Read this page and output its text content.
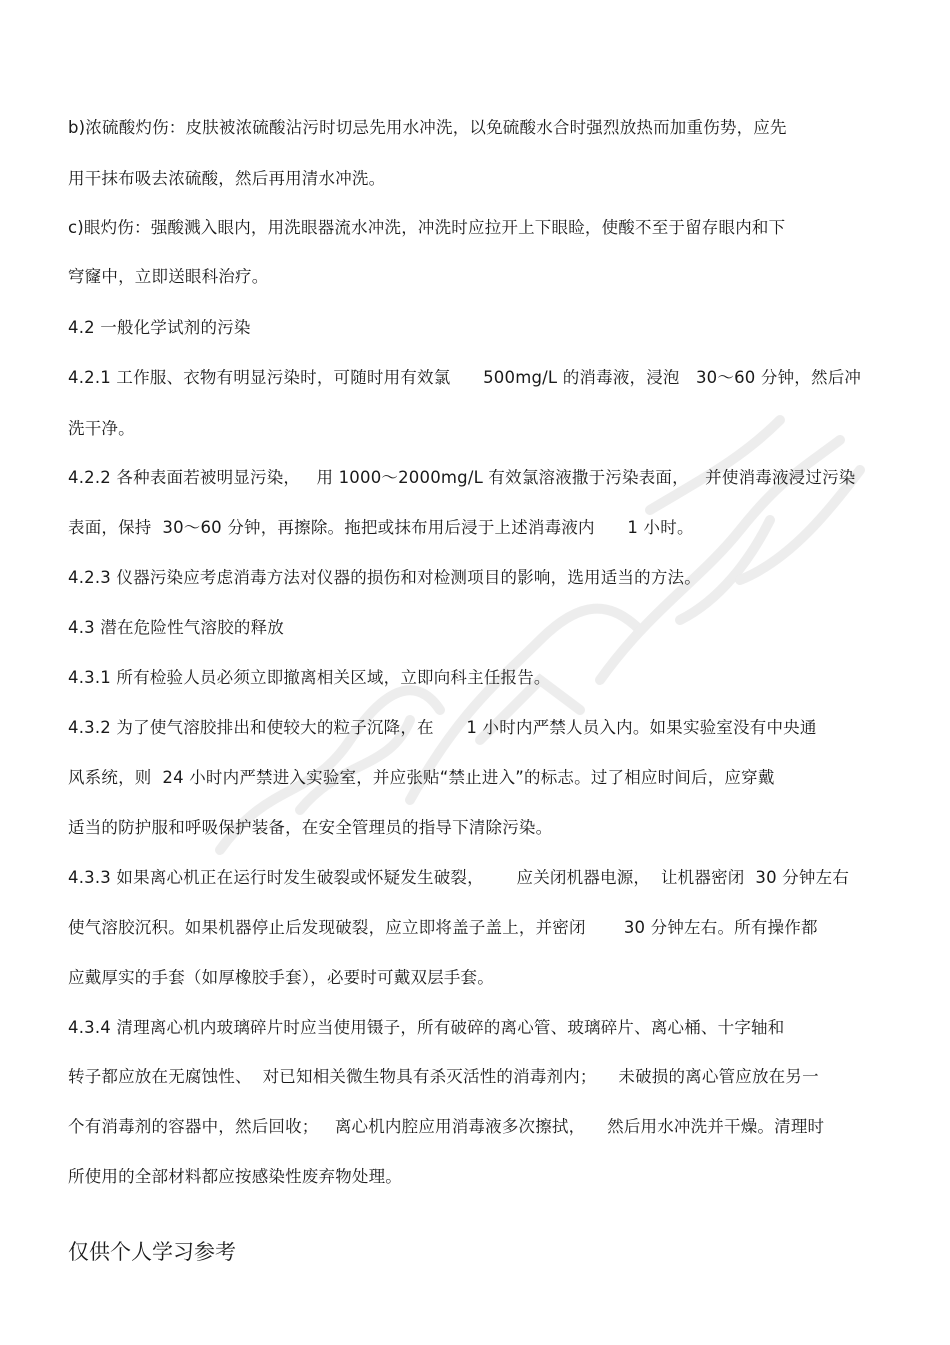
b)浓硫酸灼伤：皮肤被浓硫酸沾污时切忌先用水冲洗，以免硫酸水合时强烈放热而加重伤势，应先
用干抹布吸去浓硫酸，然后再用清水冲洗。
c)眼灼伤：强酸溅入眼内，用洗眼器流水冲洗，冲洗时应拉开上下眼睑，使酸不至于留存眼内和下
穹窿中，立即送眼科治疗。
4.2 一般化学试剂的污染
4.2.1 工作服、衣物有明显污染时，可随时用有效氯      500mg/L 的消毒液，浸泡   30～60 分钟，然后冲
洗干净。
4.2.2 各种表面若被明显污染，   用 1000～2000mg/L 有效氯溶液撒于污染表面，   并使消毒液浸过污染
表面，保持  30～60 分钟，再擦除。拖把或抹布用后浸于上述消毒液内      1 小时。
4.2.3 仪器污染应考虑消毒方法对仪器的损伤和对检测项目的影响，选用适当的方法。
4.3 潜在危险性气溶胶的释放
4.3.1 所有检验人员必须立即撤离相关区域，立即向科主任报告。
4.3.2 为了使气溶胶排出和使较大的粒子沉降，在      1 小时内严禁人员入内。如果实验室没有中央通
风系统，则  24 小时内严禁进入实验室，并应张贴“禁止进入”的标志。过了相应时间后，应穿戴
适当的防护服和呼吸保护装备，在安全管理员的指导下清除污染。
4.3.3 如果离心机正在运行时发生破裂或怀疑发生破裂，      应关闭机器电源，  让机器密闭  30 分钟左右
使气溶胶沉积。如果机器停止后发现破裂，应立即将盖子盖上，并密闭       30 分钟左右。所有操作都
应戴厚实的手套（如厚橡胶手套），必要时可戴双层手套。
4.3.4 清理离心机内玻璃碎片时应当使用镊子，所有破碎的离心管、玻璃碎片、离心桶、十字轴和
转子都应放在无腐蚀性、  对已知相关微生物具有杀灭活性的消毒剂内；    未破损的离心管应放在另一
个有消毒剂的容器中，然后回收；   离心机内腔应用消毒液多次擦拭，    然后用水冲洗并干燥。清理时
所使用的全部材料都应按感染性废弃物处理。
仅供个人学习参考
